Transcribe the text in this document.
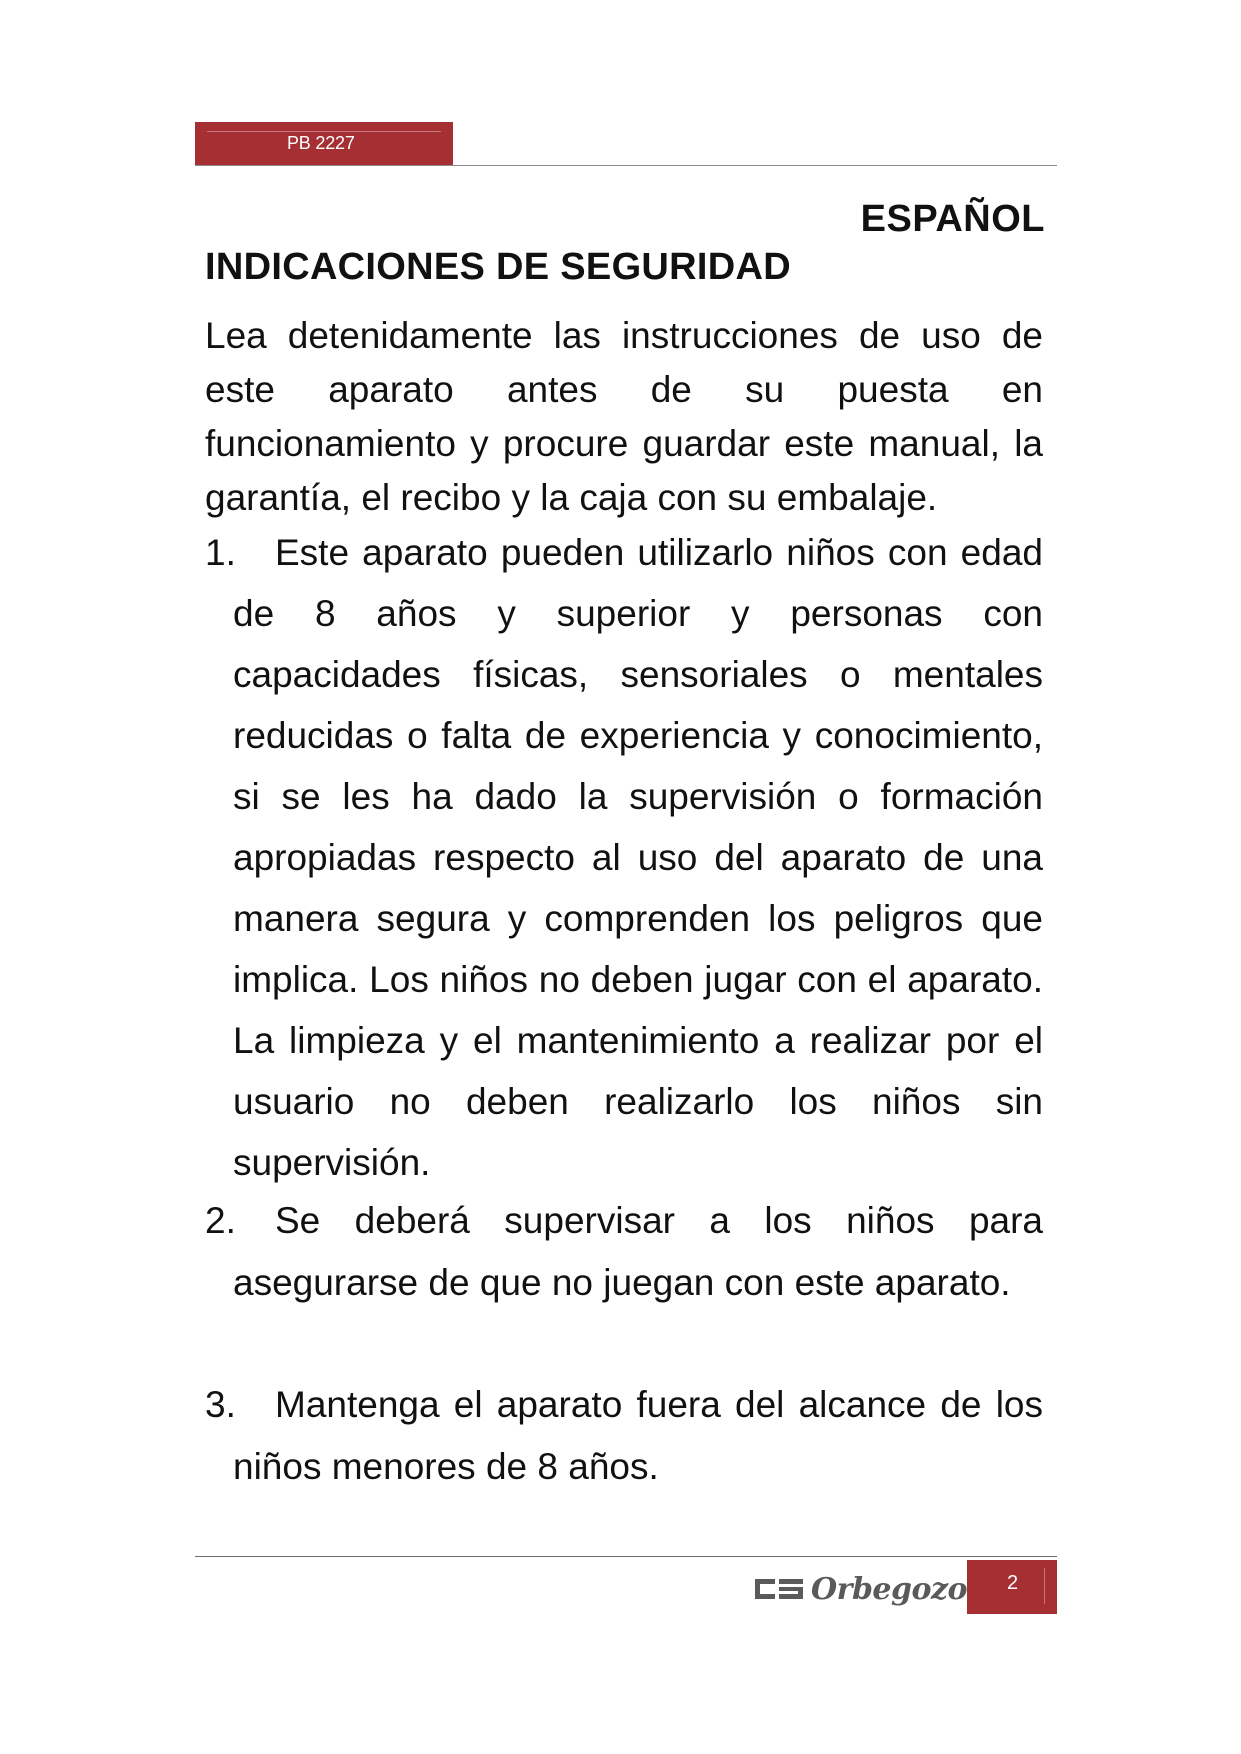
PB 2227
ESPAÑOL
INDICACIONES DE SEGURIDAD

Lea detenidamente las instrucciones de uso de este aparato antes de su puesta en funcionamiento y procure guardar este manual, la garantía, el recibo y la caja con su embalaje.

1. Este aparato pueden utilizarlo niños con edad de 8 años y superior y personas con capacidades físicas, sensoriales o mentales reducidas o falta de experiencia y conocimiento, si se les ha dado la supervisión o formación apropiadas respecto al uso del aparato de una manera segura y comprenden los peligros que implica. Los niños no deben jugar con el aparato. La limpieza y el mantenimiento a realizar por el usuario no deben realizarlo los niños sin supervisión.
2. Se deberá supervisar a los niños para asegurarse de que no juegan con este aparato.
3. Mantenga el aparato fuera del alcance de los niños menores de 8 años.
Orbegozo 2
